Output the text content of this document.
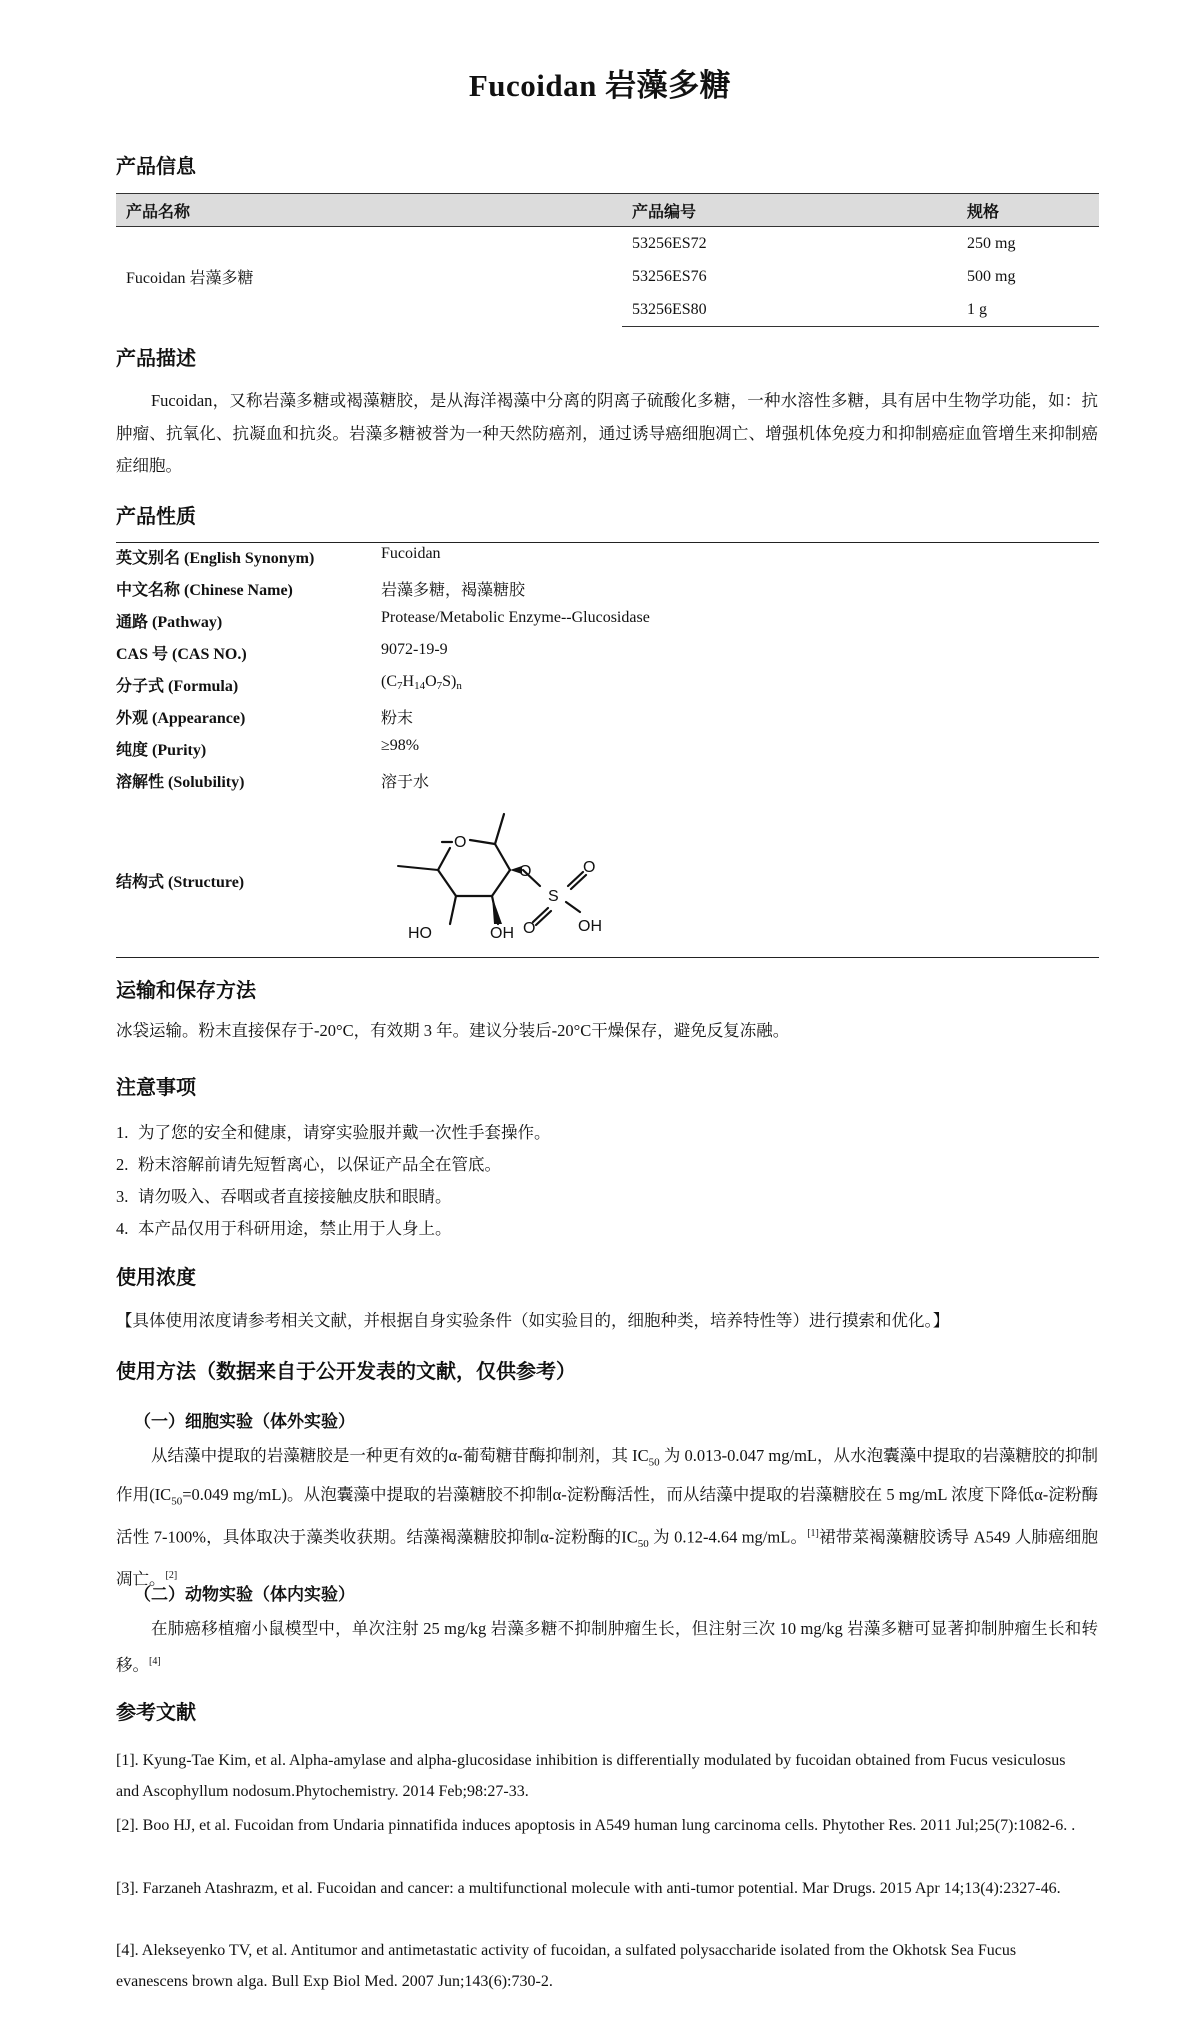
Fucoidan 岩藻多糖
产品信息
产品名称	产品编号	规格
Fucoidan 岩藻多糖	53256ES72	250 mg
	53256ES76	500 mg
	53256ES80	1 g
产品描述

Fucoidan，又称岩藻多糖或褐藻糖胶，是从海洋褐藻中分离的阴离子硫酸化多糖，一种水溶性多糖，具有居中生物学功能，如：抗肿瘤、抗氧化、抗凝血和抗炎。岩藻多糖被誉为一种天然防癌剂，通过诱导癌细胞凋亡、增强机体免疫力和抑制癌症血管增生来抑制癌症细胞。

产品性质
英文别名 (English Synonym)	Fucoidan
中文名称 (Chinese Name)	岩藻多糖，褐藻糖胶
通路 (Pathway)	Protease/Metabolic Enzyme--Glucosidase
CAS 号 (CAS NO.)	9072-19-9
分子式 (Formula)	$(C_7H_{14}O_7S)_n$
外观 (Appearance)	粉末
纯度 (Purity)	≥98%
溶解性 (Solubility)	溶于水
结构式 (Structure)
O
O
S
O
O	OH
HO	OH
运输和保存方法

冰袋运输。粉末直接保存于-20°C，有效期 3 年。建议分装后-20°C干燥保存，避免反复冻融。

注意事项
1. 为了您的安全和健康，请穿实验服并戴一次性手套操作。
2. 粉末溶解前请先短暂离心，以保证产品全在管底。
3. 请勿吸入、吞咽或者直接接触皮肤和眼睛。
4. 本产品仅用于科研用途，禁止用于人身上。
使用浓度
【具体使用浓度请参考相关文献，并根据自身实验条件（如实验目的，细胞种类，培养特性等）进行摸索和优化。】
使用方法（数据来自于公开发表的文献，仅供参考）
（一）细胞实验（体外实验）

从结藻中提取的岩藻糖胶是一种更有效的α-葡萄糖苷酶抑制剂，其 $IC_{50}$ 为 0.013-0.047 mg/mL，从水泡囊藻中提取的岩藻糖胶的抑制作用($IC_{50}=0.049$ mg/mL)。从泡囊藻中提取的岩藻糖胶不抑制α-淀粉酶活性，而从结藻中提取的岩藻糖胶在 5 mg/mL 浓度下降低α-淀粉酶活性 7-100%，具体取决于藻类收获期。结藻褐藻糖胶抑制α-淀粉酶的$IC_{50}$ 为 0.12-4.64 mg/mL。[1]裙带菜褐藻糖胶诱导 A549 人肺癌细胞凋亡。[2]

（二）动物实验（体内实验）

在肺癌移植瘤小鼠模型中，单次注射 25 mg/kg 岩藻多糖不抑制肿瘤生长，但注射三次 10 mg/kg 岩藻多糖可显著抑制肿瘤生长和转移。[4]

参考文献

[1]. Kyung-Tae Kim, et al. Alpha-amylase and alpha-glucosidase inhibition is differentially modulated by fucoidan obtained from Fucus vesiculosus and Ascophyllum nodosum.Phytochemistry. 2014 Feb;98:27-33.

[2]. Boo HJ, et al. Fucoidan from Undaria pinnatifida induces apoptosis in A549 human lung carcinoma cells. Phytother Res. 2011 Jul;25(7):1082-6. .

[3]. Farzaneh Atashrazm, et al. Fucoidan and cancer: a multifunctional molecule with anti-tumor potential. Mar Drugs. 2015 Apr 14;13(4):2327-46.

[4]. Alekseyenko TV, et al. Antitumor and antimetastatic activity of fucoidan, a sulfated polysaccharide isolated from the Okhotsk Sea Fucus evanescens brown alga. Bull Exp Biol Med. 2007 Jun;143(6):730-2.
